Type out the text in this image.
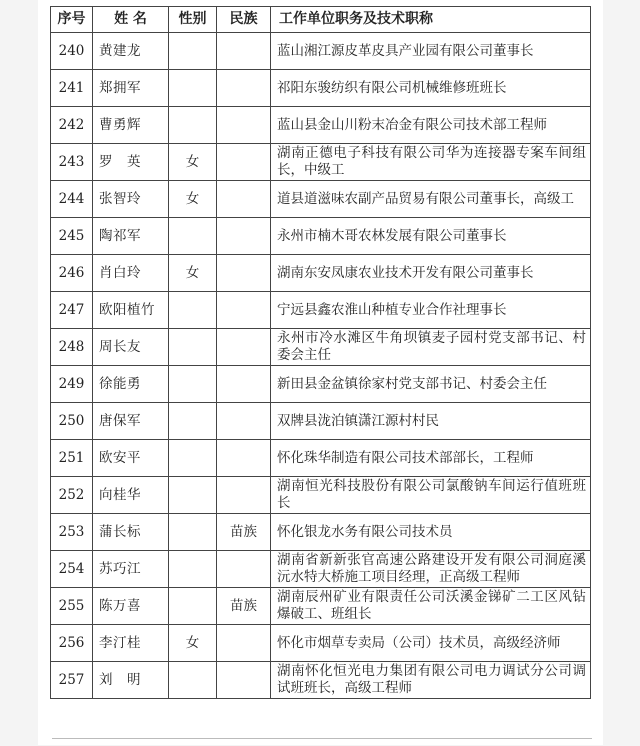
序号	姓 名	性别	民族	工作单位职务及技术职称
240	黄建龙			蓝山湘江源皮革皮具产业园有限公司董事长
241	郑拥军			祁阳东骏纺织有限公司机械维修班班长
242	曹勇辉			蓝山县金山川粉末冶金有限公司技术部工程师
243	罗　英	女		湖南正德电子科技有限公司华为连接器专案车间组长，中级工
244	张智玲	女		道县道滋味农副产品贸易有限公司董事长，高级工
245	陶祁军			永州市楠木哥农林发展有限公司董事长
246	肖白玲	女		湖南东安凤康农业技术开发有限公司董事长
247	欧阳植竹			宁远县鑫农淮山种植专业合作社理事长
248	周长友			永州市冷水滩区牛角坝镇麦子园村党支部书记、村委会主任
249	徐能勇			新田县金盆镇徐家村党支部书记、村委会主任
250	唐保军			双牌县泷泊镇潇江源村村民
251	欧安平			怀化珠华制造有限公司技术部部长，工程师
252	向桂华			湖南恒光科技股份有限公司氯酸钠车间运行值班班长
253	蒲长标		苗族	怀化银龙水务有限公司技术员
254	苏巧江			湖南省新新张官高速公路建设开发有限公司洞庭溪沅水特大桥施工项目经理，正高级工程师
255	陈万喜		苗族	湖南辰州矿业有限责任公司沃溪金锑矿二工区风钻爆破工、班组长
256	李汀桂	女		怀化市烟草专卖局（公司）技术员，高级经济师
257	刘　明			湖南怀化恒光电力集团有限公司电力调试分公司调试班班长，高级工程师
